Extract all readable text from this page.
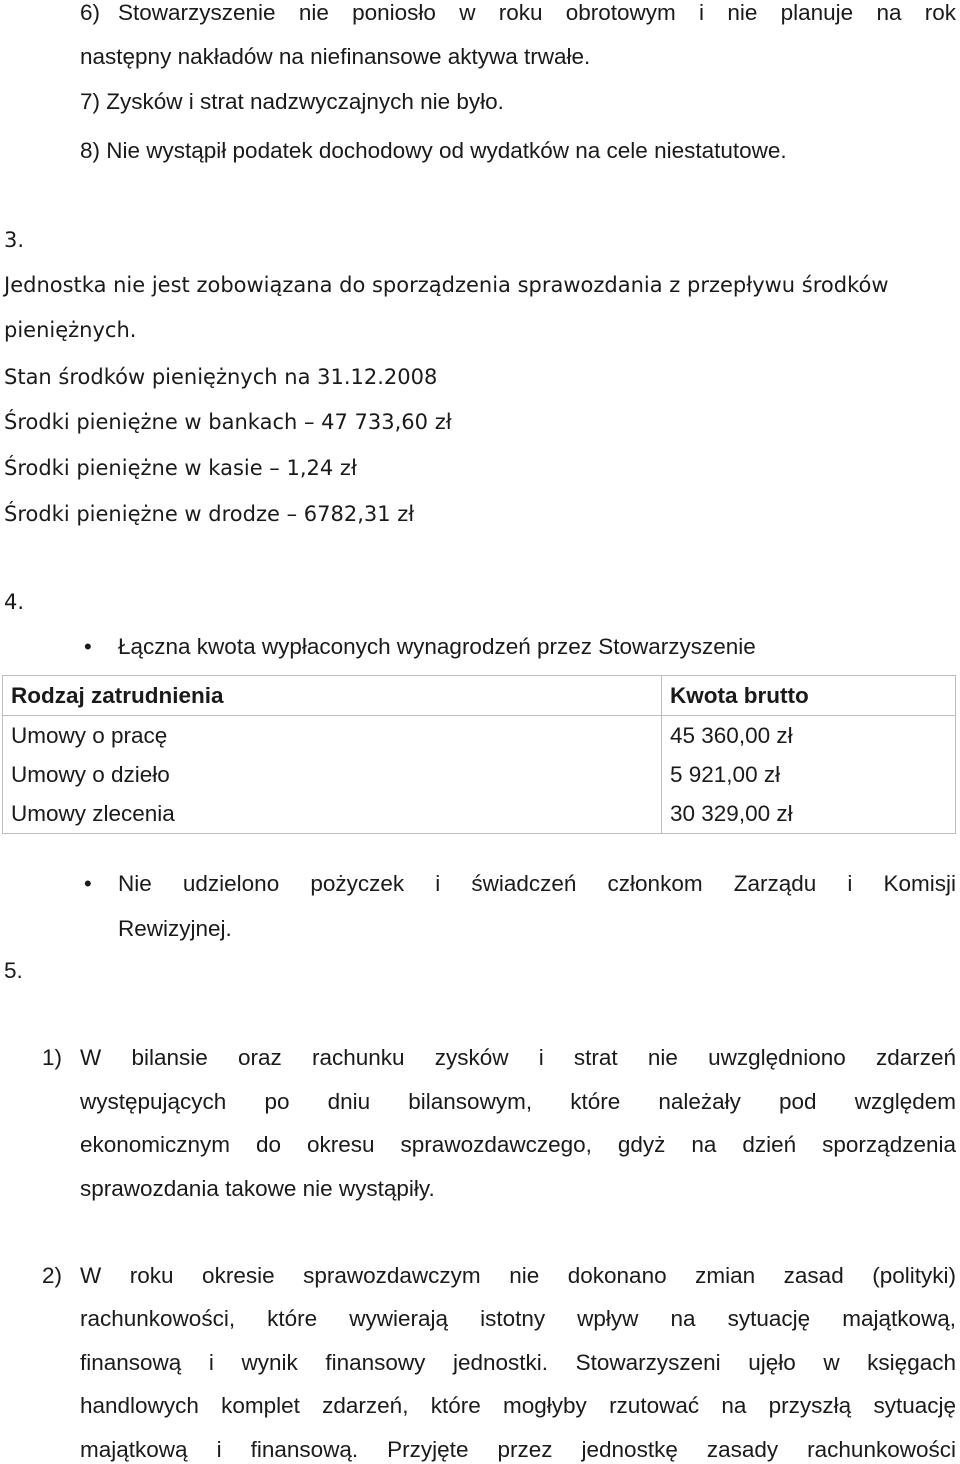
6) Stowarzyszenie nie poniosło w roku obrotowym i nie planuje na rok
następny nakładów na niefinansowe aktywa trwałe.
7) Zysków i strat nadzwyczajnych nie było.
8) Nie wystąpił podatek dochodowy od wydatków na cele niestatutowe.
3.
Jednostka nie jest zobowiązana do sporządzenia sprawozdania z przepływu środków
pieniężnych.
Stan środków pieniężnych na 31.12.2008
Środki pieniężne w bankach – 47 733,60 zł
Środki pieniężne w kasie – 1,24 zł
Środki pieniężne w drodze – 6782,31 zł
4.
• Łączna kwota wypłaconych wynagrodzeń przez Stowarzyszenie
Rodzaj zatrudnienia	Kwota brutto
Umowy o pracę	45 360,00 zł
Umowy o dzieło	5 921,00 zł
Umowy zlecenia	30 329,00 zł
• Nie udzielono pożyczek i świadczeń członkom Zarządu i Komisji
Rewizyjnej.
5.
1) W bilansie oraz rachunku zysków i strat nie uwzględniono zdarzeń
występujących po dniu bilansowym, które należały pod względem
ekonomicznym do okresu sprawozdawczego, gdyż na dzień sporządzenia
sprawozdania takowe nie wystąpiły.
2) W roku okresie sprawozdawczym nie dokonano zmian zasad (polityki)
rachunkowości, które wywierają istotny wpływ na sytuację majątkową,
finansową i wynik finansowy jednostki. Stowarzyszeni ujęło w księgach
handlowych komplet zdarzeń, które mogłyby rzutować na przyszłą sytuację
majątkową i finansową. Przyjęte przez jednostkę zasady rachunkowości
